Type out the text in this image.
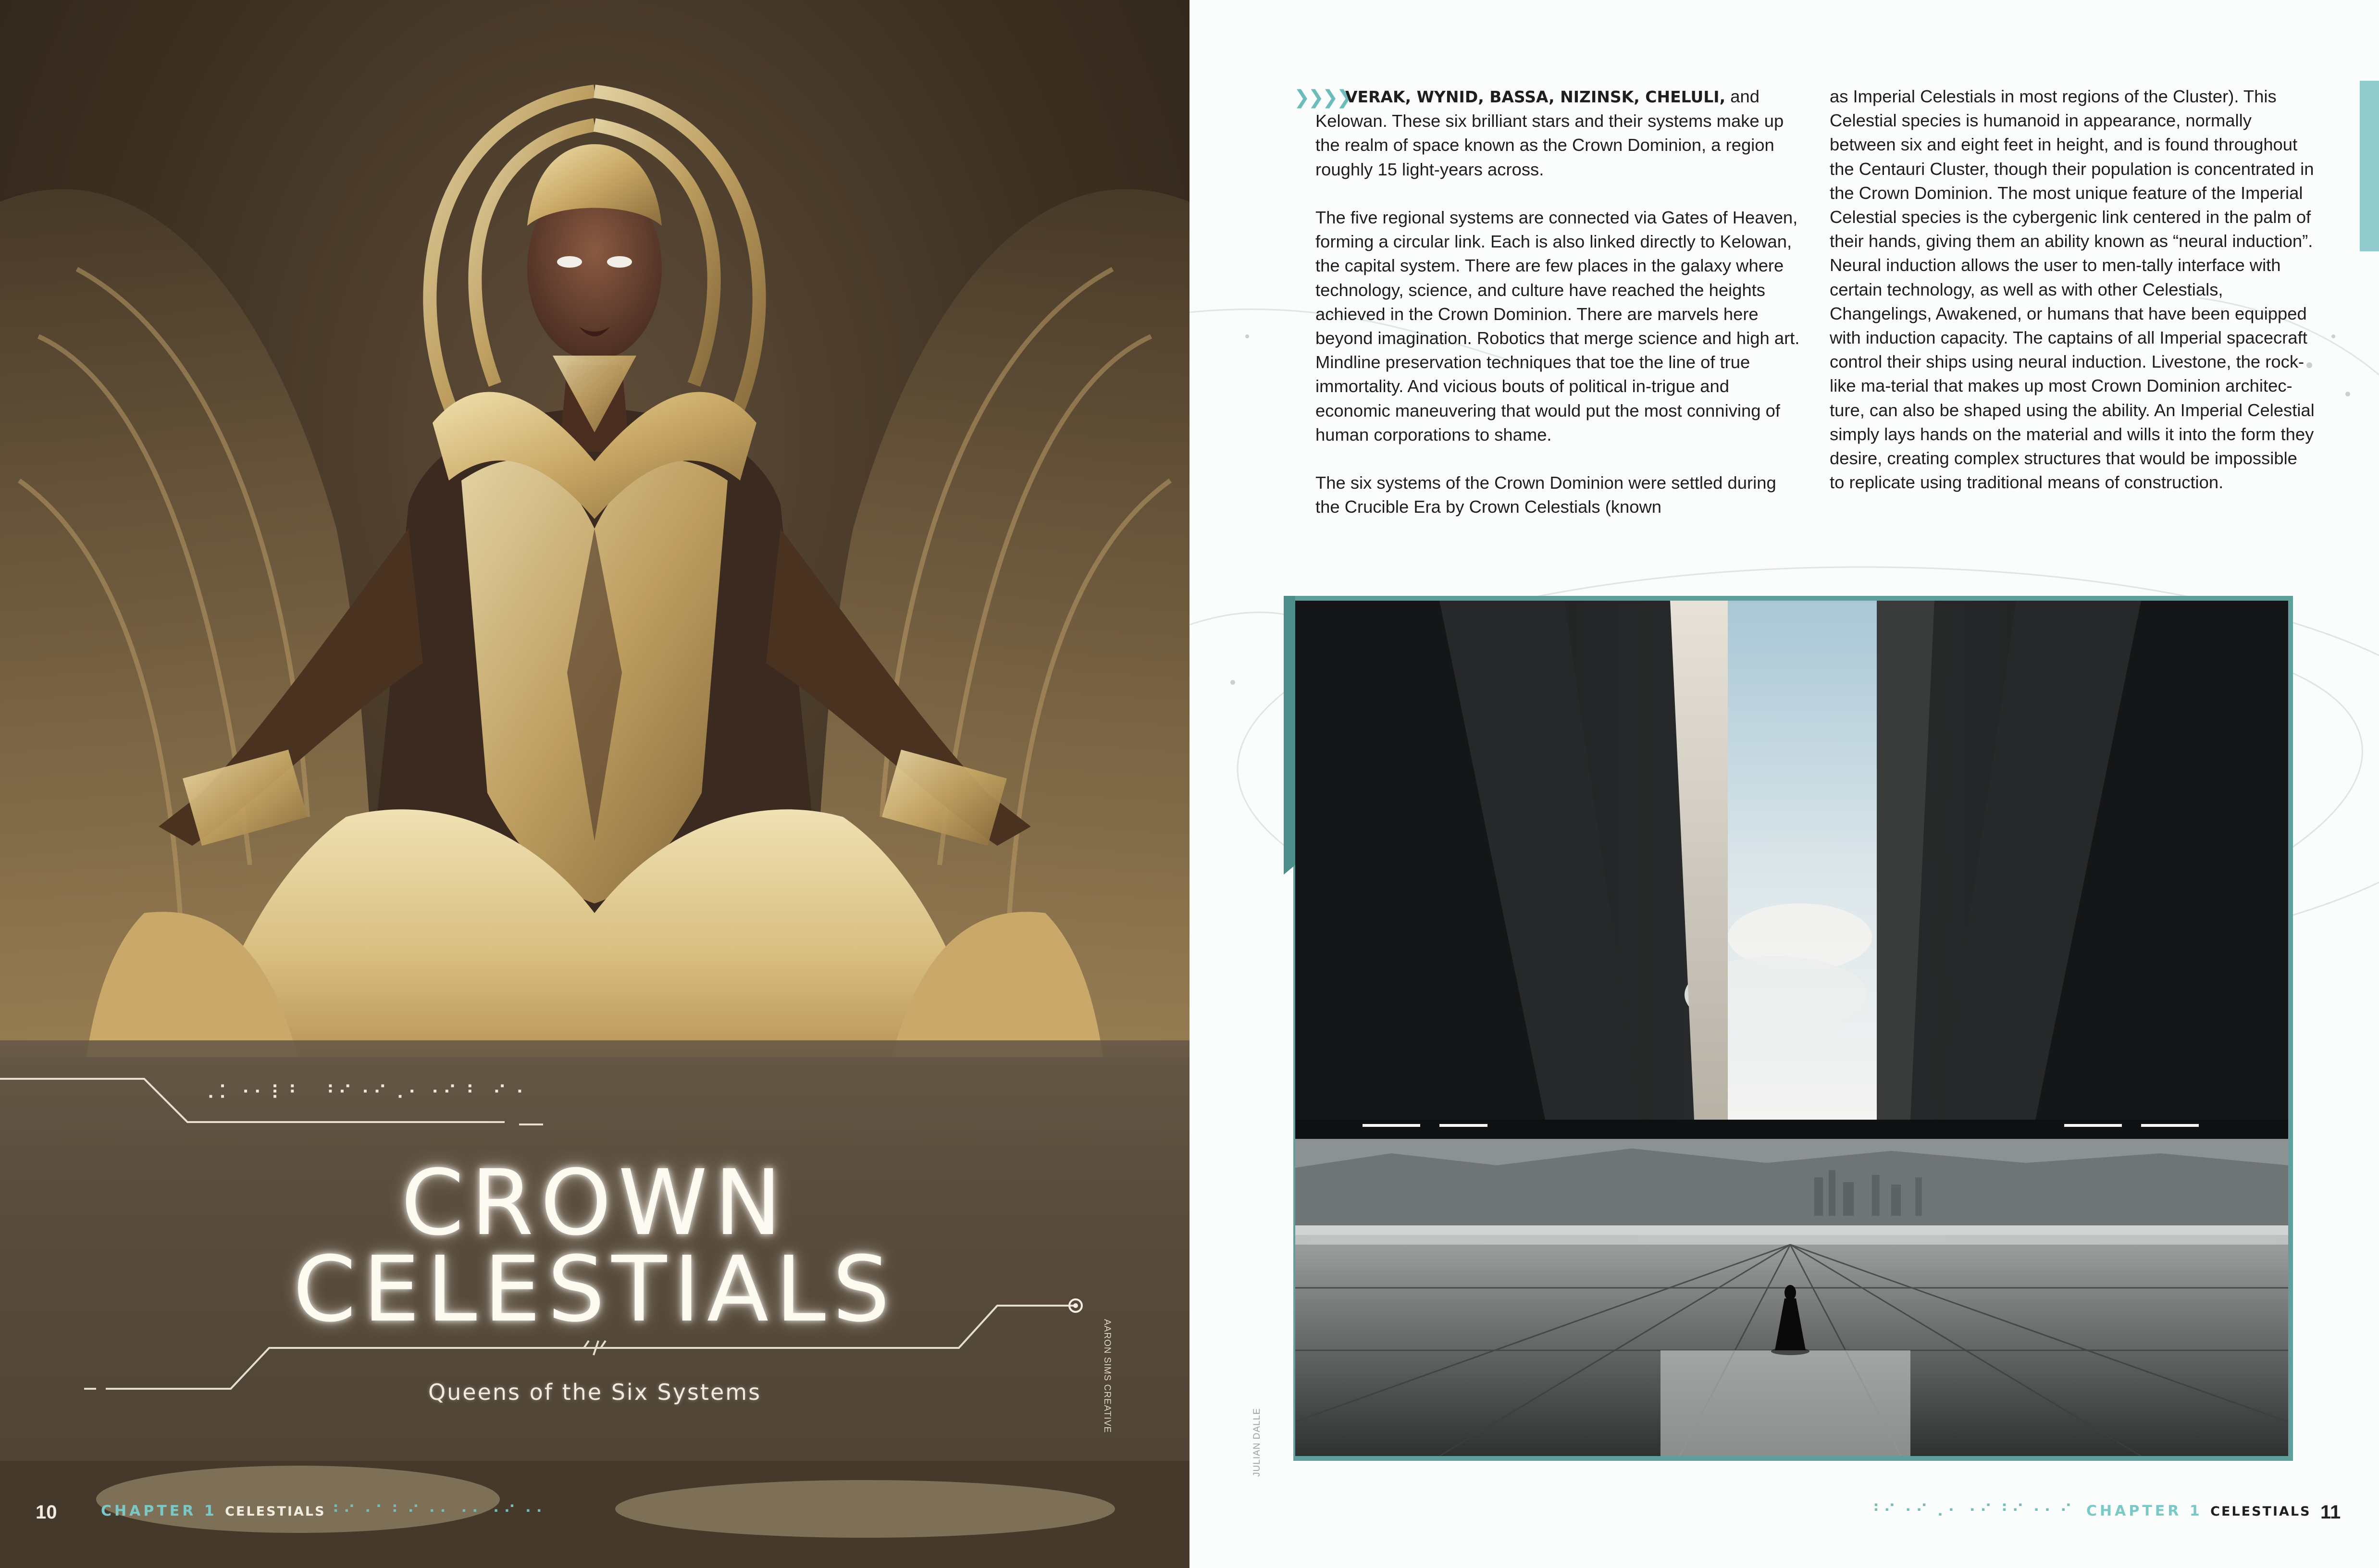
⠠⠅⠐⠂⠇⠃ ⠘⠊⠐⠊⠠⠂⠐⠊⠘ ⠊⠐
CROWN
CELESTIALS
Queens of the Six Systems	AARON SIMS CREATIVE
10	CHAPTER 1 CELESTIALS ⠘⠊⠐⠁⠃⠊⠐⠂⠐⠂⠐⠊⠐⠂
❯❯❯❯

VERAK, WYNID, BASSA, NIZINSK, CHELULI, and Kelowan. These six brilliant stars and their systems make up the realm of space known as the Crown Dominion, a region roughly 15 light-years across.

The five regional systems are connected via Gates of Heaven, forming a circular link. Each is also linked directly to Kelowan, the capital system. There are few places in the galaxy where technology, science, and culture have reached the heights achieved in the Crown Dominion. There are marvels here beyond imagination. Robotics that merge science and high art. Mindline preservation techniques that toe the line of true immortality. And vicious bouts of political in-trigue and economic maneuvering that would put the most conniving of human corporations to shame.

The six systems of the Crown Dominion were settled during the Crucible Era by Crown Celestials (known

as Imperial Celestials in most regions of the Cluster). This Celestial species is humanoid in appearance, normally between six and eight feet in height, and is found throughout the Centauri Cluster, though their population is concentrated in the Crown Dominion. The most unique feature of the Imperial Celestial species is the cybergenic link centered in the palm of their hands, giving them an ability known as “neural induction”. Neural induction allows the user to men-tally interface with certain technology, as well as with other Celestials, Changelings, Awakened, or humans that have been equipped with induction capacity. The captains of all Imperial spacecraft control their ships using neural induction. Livestone, the rock-like ma-terial that makes up most Crown Dominion architec-ture, can also be shaped using the ability. An Imperial Celestial simply lays hands on the material and wills it into the form they desire, creating complex structures that would be impossible to replicate using traditional means of construction.

JULIAN DALLE
⠘⠊⠐⠊⠠⠂⠐⠊⠘⠊⠐⠂⠊ CHAPTER 1 CELESTIALS 11
